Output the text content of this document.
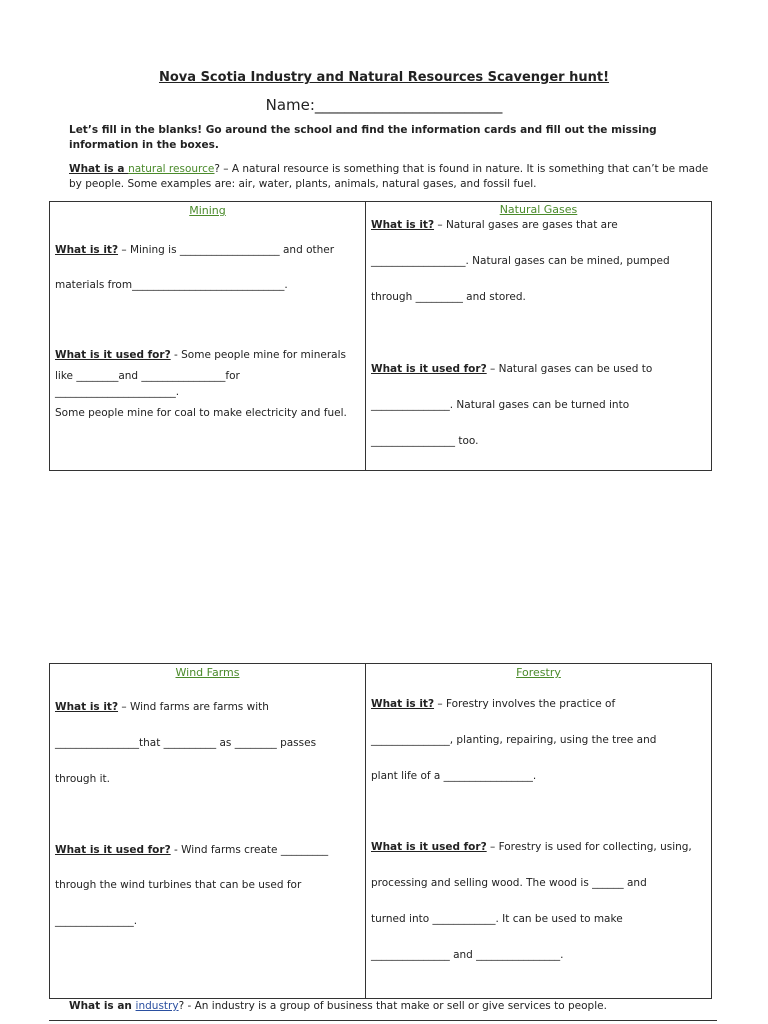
Nova Scotia Industry and Natural Resources Scavenger hunt!
Name:_________________________
Let’s fill in the blanks! Go around the school and find the information cards and fill out the missing information in the boxes.
What is a natural resource? – A natural resource is something that is found in nature. It is something that can’t be made by people. Some examples are: air, water, plants, animals, natural gases, and fossil fuel.
Mining
What is it? – Mining is ___________________ and other
materials from_____________________________.
What is it used for? - Some people mine for minerals
like ________and ________________for
_______________________.
Some people mine for coal to make electricity and fuel.

Natural Gases
What is it? – Natural gases are gases that are
__________________. Natural gases can be mined, pumped
through _________ and stored.
What is it used for? – Natural gases can be used to
_______________. Natural gases can be turned into
________________ too.
Wind Farms
What is it? – Wind farms are farms with
________________that __________ as ________ passes
through it.
What is it used for? - Wind farms create _________
through the wind turbines that can be used for
_______________.

Forestry
What is it? – Forestry involves the practice of
_______________, planting, repairing, using the tree and
plant life of a _________________.
What is it used for? – Forestry is used for collecting, using,
processing and selling wood. The wood is ______ and
turned into ____________. It can be used to make
_______________ and ________________.
What is an industry? - An industry is a group of business that make or sell or give services to people.
